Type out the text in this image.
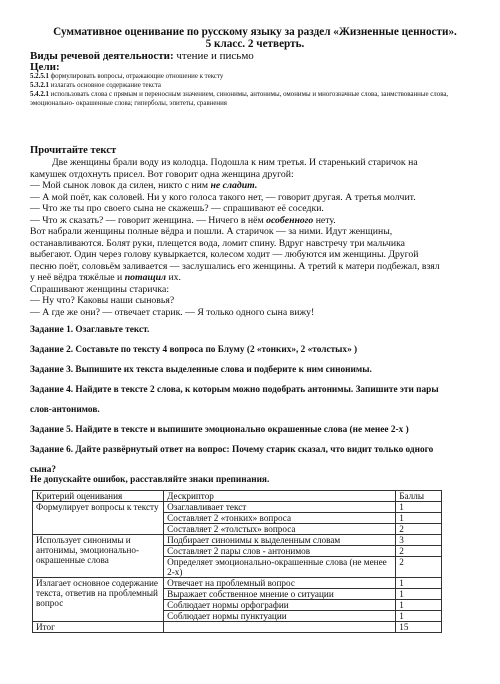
Суммативное оценивание по русскому языку за раздел «Жизненные ценности».
5 класс. 2 четверть.
Виды речевой деятельности: чтение и письмо
Цели:
5.2.5.1 формулировать вопросы, отражающие отношение к тексту
5.3.2.1 излагать основное содержание текста
5.4.2.1 использовать слова с прямым и переносным значением, синонимы, антонимы, омонимы и многозначные слова, заимствованные слова, эмоционально- окрашенные слова; гиперболы, эпитеты, сравнения
Прочитайте текст
Две женщины брали воду из колодца. Подошла к ним третья. И старенький старичок на
камушек отдохнуть присел. Вот говорит одна женщина другой:
— Мой сынок ловок да силен, никто с ним не сладит.
— А мой поёт, как соловей. Ни у кого голоса такого нет, — говорит другая. А третья молчит.
— Что же ты про своего сына не скажешь? — спрашивают её соседки.
— Что ж сказать? — говорит женщина. — Ничего в нём особенного нету.
Вот набрали женщины полные вёдра и пошли. А старичок — за ними. Идут женщины,
останавливаются. Болят руки, плещется вода, ломит спину. Вдруг навстречу три мальчика
выбегают. Один через голову кувыркается, колесом ходит — любуются им женщины. Другой
песню поёт, соловьём заливается — заслушались его женщины. А третий к матери подбежал, взял
у неё вёдра тяжёлые и потащил их.
Спрашивают женщины старичка:
— Ну что? Каковы наши сыновья?
— А где же они? — отвечает старик. — Я только одного сына вижу!
Задание 1. Озаглавьте текст.
Задание 2. Составьте по тексту 4 вопроса по Блуму (2 «тонких», 2 «толстых» )
Задание 3. Выпишите их текста выделенные слова и подберите к ним синонимы.
Задание 4. Найдите в тексте 2 слова, к которым можно подобрать антонимы. Запишите эти пары
слов-антонимов.
Задание 5. Найдите в тексте и выпишите эмоционально окрашенные слова (не менее 2-х )
Задание 6. Дайте развёрнутый ответ на вопрос: Почему старик сказал, что видит только одного
сына?
Критерий оценивания	Дескриптор	Баллы
Формулирует вопросы к тексту	Озаглавливает текст	1
	Составляет 2 «тонких» вопроса	1
	Составляет 2 «толстых» вопроса	2
Использует синонимы и антонимы, эмоционально-окрашенные слова	Подбирает синонимы к выделенным словам	3
	Составляет 2 пары слов - антонимов	2
	Определяет эмоционально-окрашенные слова (не менее 2-х)	2
Излагает основное содержание текста, ответив на проблемный вопрос	Отвечает на проблемный вопрос	1
	Выражает собственное мнение о ситуации	1
	Соблюдает нормы орфографии	1
	Соблюдает нормы пунктуации	1
Итог		15
Не допускайте ошибок, расставляйте знаки препинания.
